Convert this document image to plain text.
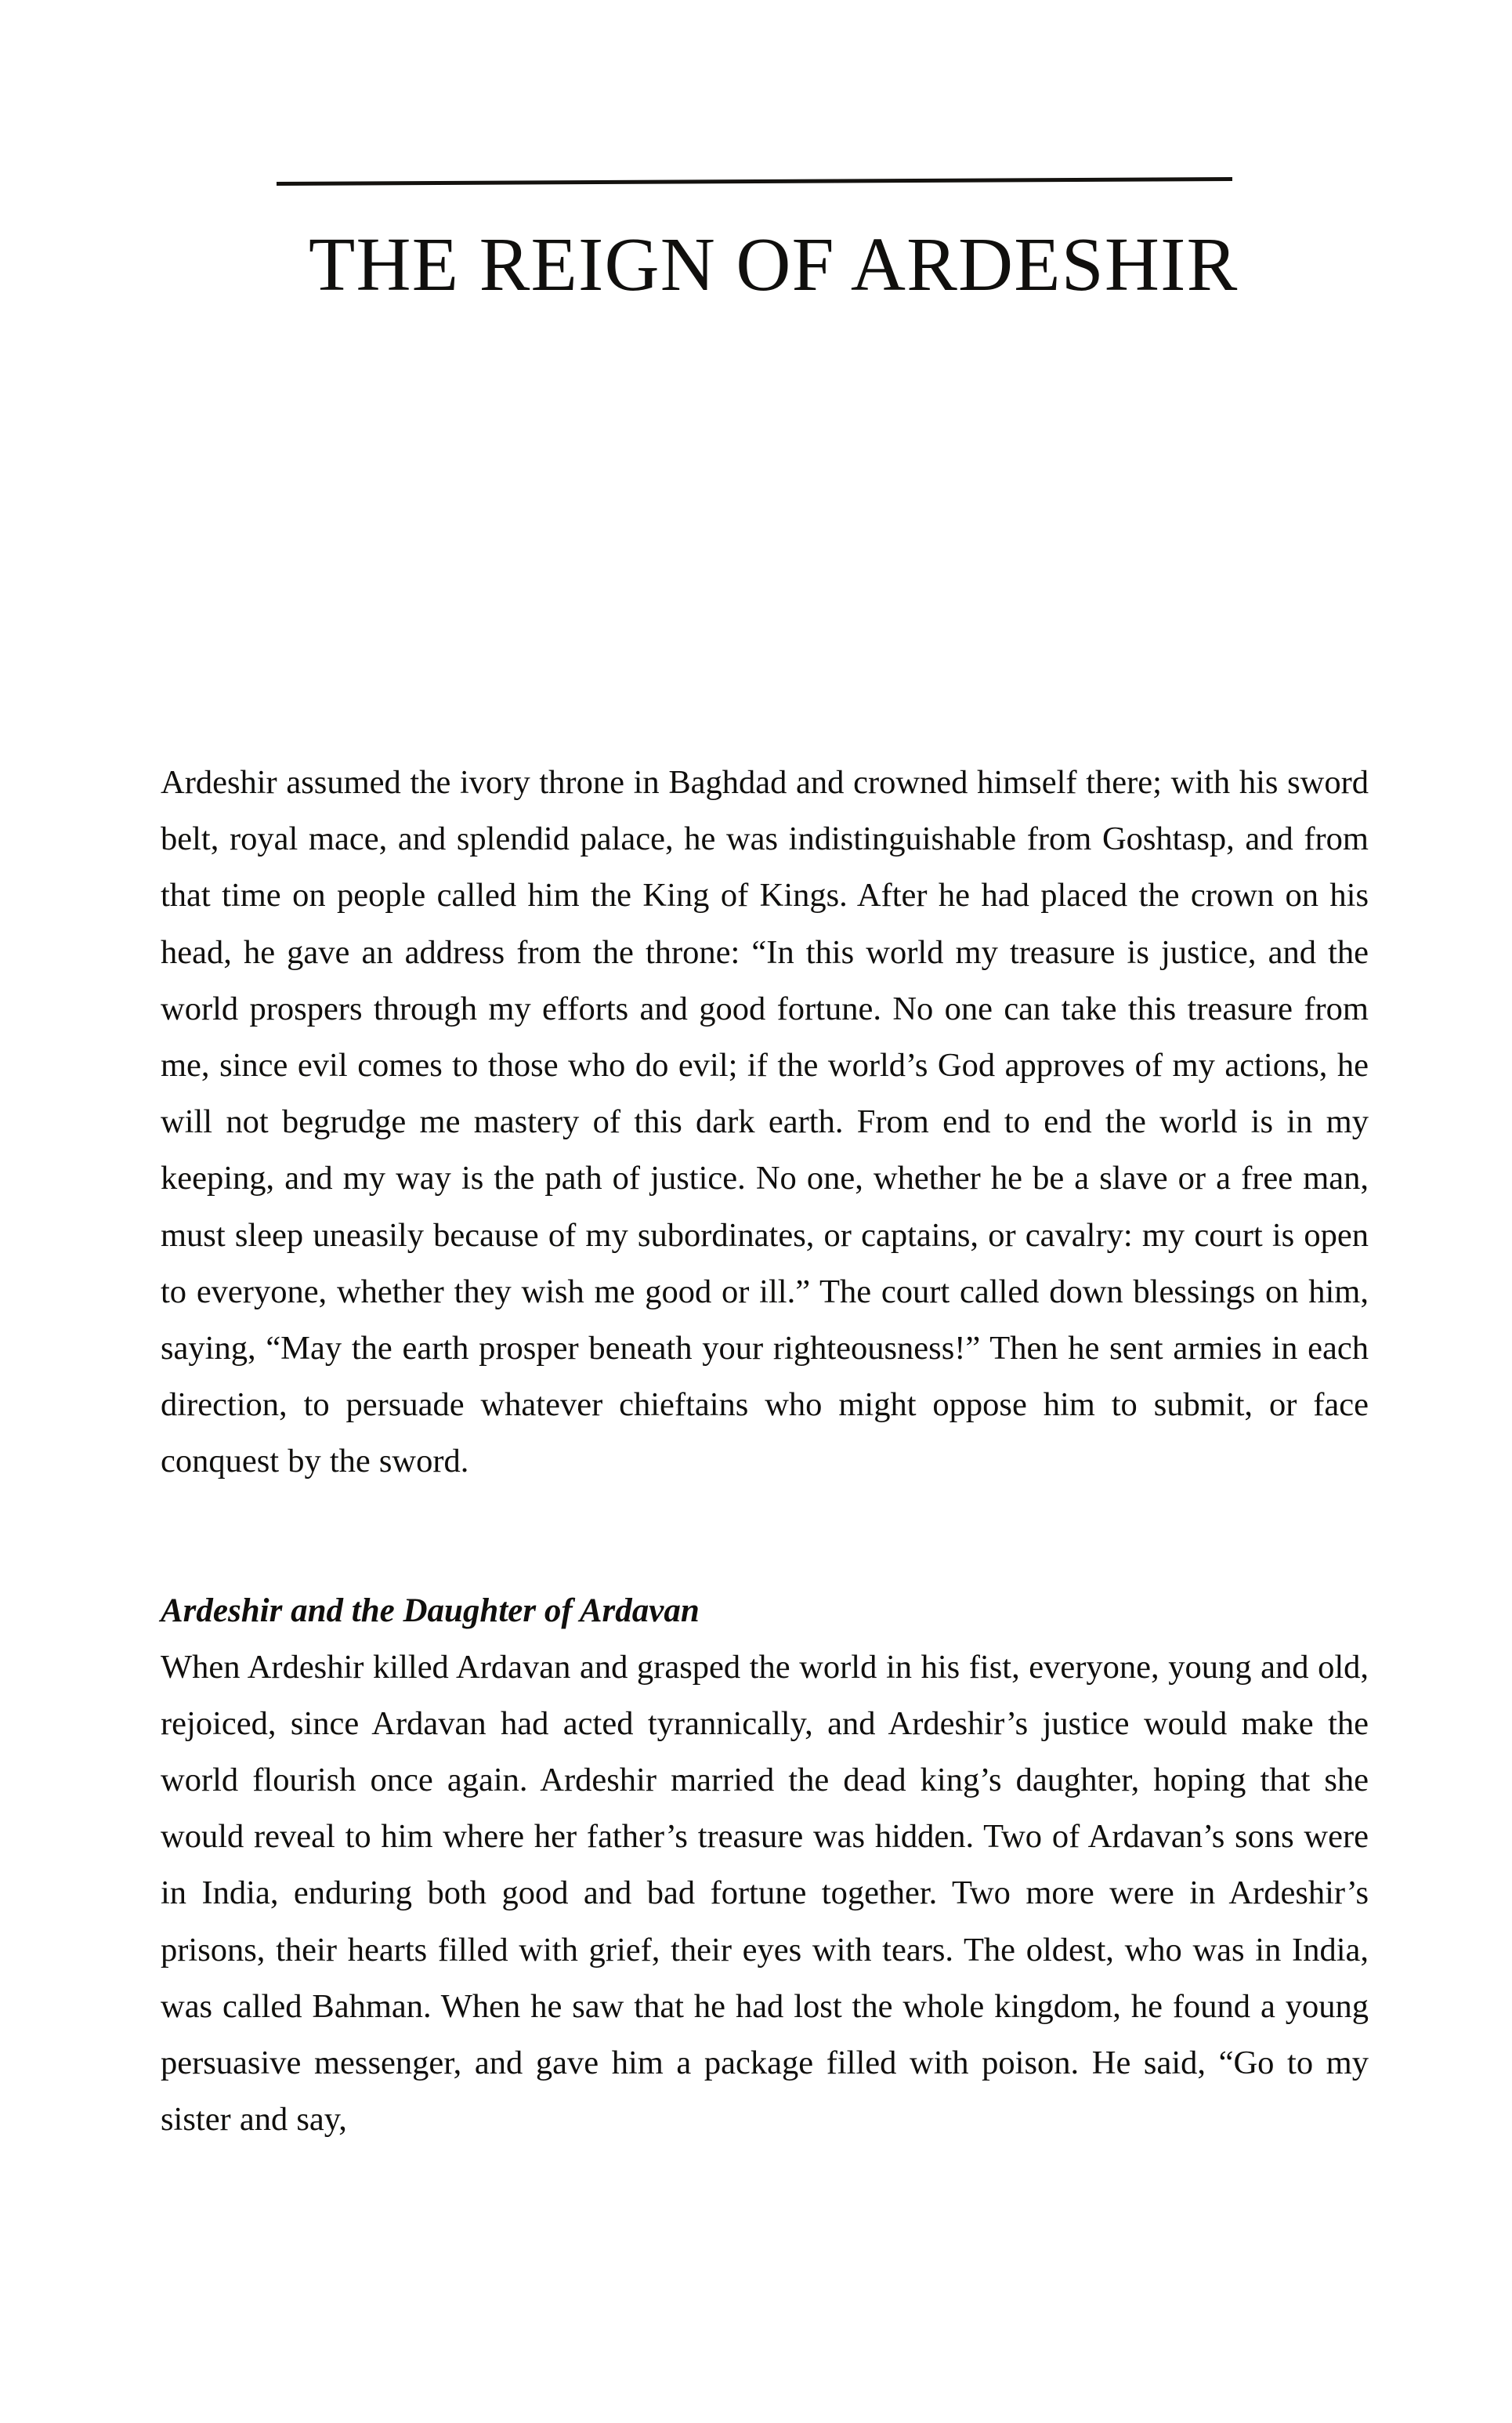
THE REIGN OF ARDESHIR

Ardeshir assumed the ivory throne in Baghdad and crowned himself there; with his sword belt, royal mace, and splendid palace, he was indistinguishable from Goshtasp, and from that time on people called him the King of Kings. After he had placed the crown on his head, he gave an address from the throne: “In this world my treasure is justice, and the world prospers through my efforts and good fortune. No one can take this treasure from me, since evil comes to those who do evil; if the world’s God approves of my actions, he will not begrudge me mastery of this dark earth. From end to end the world is in my keeping, and my way is the path of justice. No one, whether he be a slave or a free man, must sleep uneasily because of my subordinates, or captains, or cavalry: my court is open to everyone, whether they wish me good or ill.” The court called down blessings on him, saying, “May the earth prosper beneath your righteousness!” Then he sent armies in each direction, to persuade whatever chieftains who might oppose him to submit, or face conquest by the sword.

Ardeshir and the Daughter of Ardavan

When Ardeshir killed Ardavan and grasped the world in his fist, everyone, young and old, rejoiced, since Ardavan had acted tyrannically, and Ardeshir’s justice would make the world flourish once again. Ardeshir married the dead king’s daughter, hoping that she would reveal to him where her father’s treasure was hidden. Two of Ardavan’s sons were in India, enduring both good and bad fortune together. Two more were in Ardeshir’s prisons, their hearts filled with grief, their eyes with tears. The oldest, who was in India, was called Bahman. When he saw that he had lost the whole kingdom, he found a young persuasive messenger, and gave him a package filled with poison. He said, “Go to my sister and say,
